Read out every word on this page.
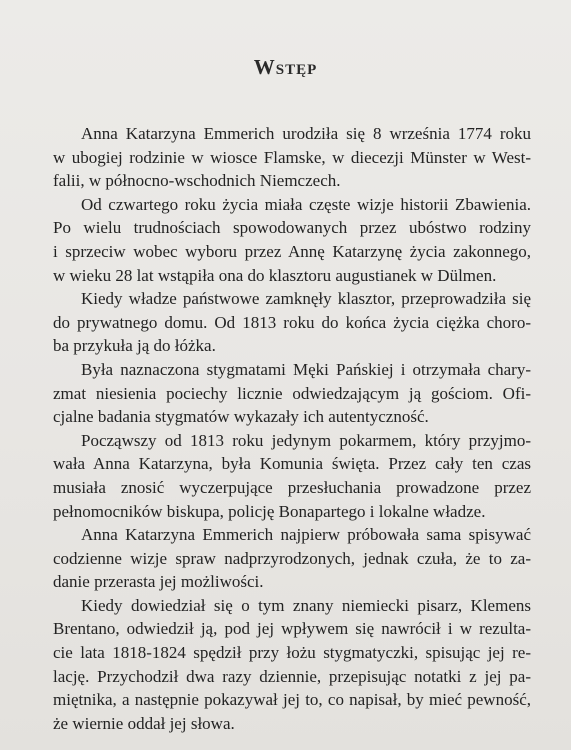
Wstęp

Anna Katarzyna Emmerich urodziła się 8 września 1774 roku
w ubogiej rodzinie w wiosce Flamske, w diecezji Münster w West-
falii, w północno-wschodnich Niemczech.

Od czwartego roku życia miała częste wizje historii Zbawienia.
Po wielu trudnościach spowodowanych przez ubóstwo rodziny
i sprzeciw wobec wyboru przez Annę Katarzynę życia zakonnego,
w wieku 28 lat wstąpiła ona do klasztoru augustianek w Dülmen.

Kiedy władze państwowe zamknęły klasztor, przeprowadziła się
do prywatnego domu. Od 1813 roku do końca życia ciężka choro-
ba przykuła ją do łóżka.

Była naznaczona stygmatami Męki Pańskiej i otrzymała chary-
zmat niesienia pociechy licznie odwiedzającym ją gościom. Ofi-
cjalne badania stygmatów wykazały ich autentyczność.

Począwszy od 1813 roku jedynym pokarmem, który przyjmo-
wała Anna Katarzyna, była Komunia święta. Przez cały ten czas
musiała znosić wyczerpujące przesłuchania prowadzone przez
pełnomocników biskupa, policję Bonapartego i lokalne władze.

Anna Katarzyna Emmerich najpierw próbowała sama spisywać
codzienne wizje spraw nadprzyrodzonych, jednak czuła, że to za-
danie przerasta jej możliwości.

Kiedy dowiedział się o tym znany niemiecki pisarz, Klemens
Brentano, odwiedził ją, pod jej wpływem się nawrócił i w rezulta-
cie lata 1818-1824 spędził przy łożu stygmatyczki, spisując jej re-
lację. Przychodził dwa razy dziennie, przepisując notatki z jej pa-
miętnika, a następnie pokazywał jej to, co napisał, by mieć pewność,
że wiernie oddał jej słowa.
